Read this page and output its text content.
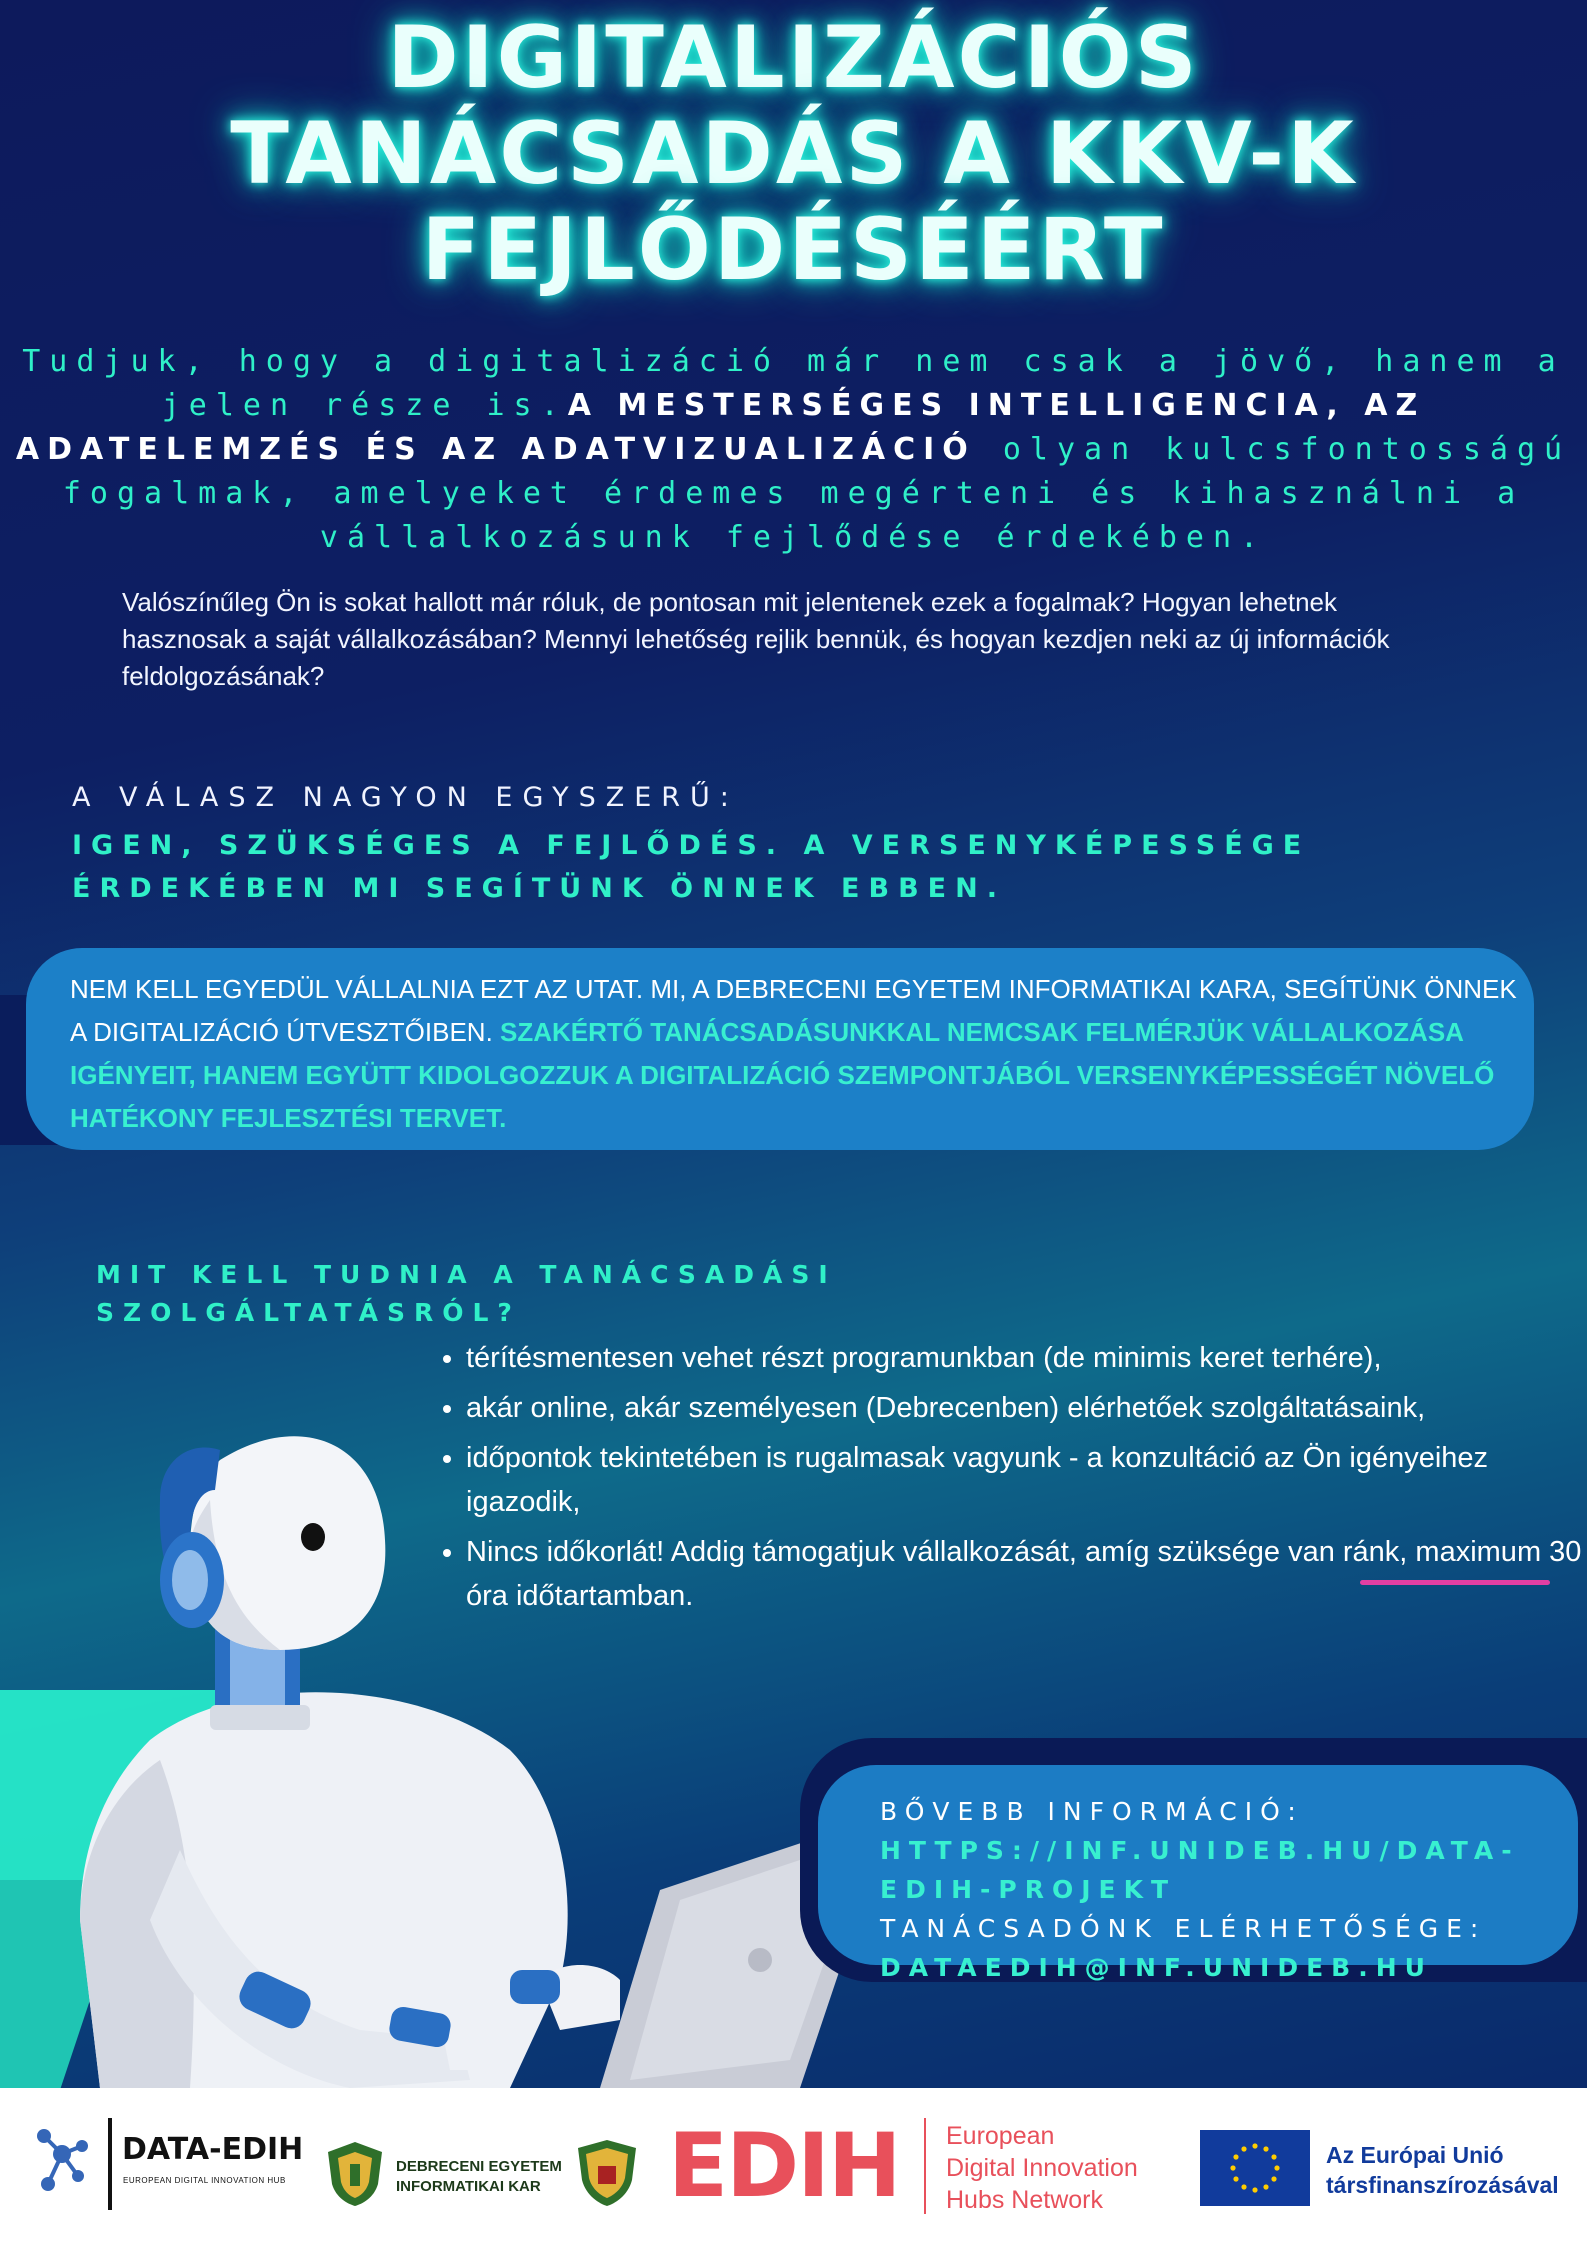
DIGITALIZÁCIÓS
TANÁCSADÁS A KKV-K
FEJLŐDÉSÉÉRT
Tudjuk, hogy a digitalizáció már nem csak a jövő, hanem a jelen része is.A MESTERSÉGES INTELLIGENCIA, AZ ADATELEMZÉS ÉS AZ ADATVIZUALIZÁCIÓ olyan kulcsfontosságú fogalmak, amelyeket érdemes megérteni és kihasználni a vállalkozásunk fejlődése érdekében.
Valószínűleg Ön is sokat hallott már róluk, de pontosan mit jelentenek ezek a fogalmak? Hogyan lehetnek hasznosak a saját vállalkozásában? Mennyi lehetőség rejlik bennük, és hogyan kezdjen neki az új információk feldolgozásának?
A VÁLASZ NAGYON EGYSZERŰ:
IGEN, SZÜKSÉGES A FEJLŐDÉS. A VERSENYKÉPESSÉGE ÉRDEKÉBEN MI SEGÍTÜNK ÖNNEK EBBEN.
NEM KELL EGYEDÜL VÁLLALNIA EZT AZ UTAT. MI, A DEBRECENI EGYETEM INFORMATIKAI KARA, SEGÍTÜNK ÖNNEK A DIGITALIZÁCIÓ ÚTVESZTŐIBEN. SZAKÉRTŐ TANÁCSADÁSUNKKAL NEMCSAK FELMÉRJÜK VÁLLALKOZÁSA IGÉNYEIT, HANEM EGYÜTT KIDOLGOZZUK A DIGITALIZÁCIÓ SZEMPONTJÁBÓL VERSENYKÉPESSÉGÉT NÖVELŐ HATÉKONY FEJLESZTÉSI TERVET.
MIT KELL TUDNIA A TANÁCSADÁSI SZOLGÁLTATÁSRÓL?
• térítésmentesen vehet részt programunkban (de minimis keret terhére),
• akár online, akár személyesen (Debrecenben) elérhetőek szolgáltatásaink,
• időpontok tekintetében is rugalmasak vagyunk - a konzultáció az Ön igényeihez igazodik,
• Nincs időkorlát! Addig támogatjuk vállalkozását, amíg szüksége van ránk, maximum 30 óra időtartamban.
BŐVEBB INFORMÁCIÓ:
HTTPS://INF.UNIDEB.HU/DATA-EDIH-PROJEKT
TANÁCSADÓNK ELÉRHETŐSÉGE:
DATAEDIH@INF.UNIDEB.HU
DATA-EDIH
EUROPEAN DIGITAL INNOVATION HUB
DEBRECENI EGYETEM
INFORMATIKAI KAR EDIH European
Digital Innovation
Hubs Network
Az Európai Unió
társfinanszírozásával
